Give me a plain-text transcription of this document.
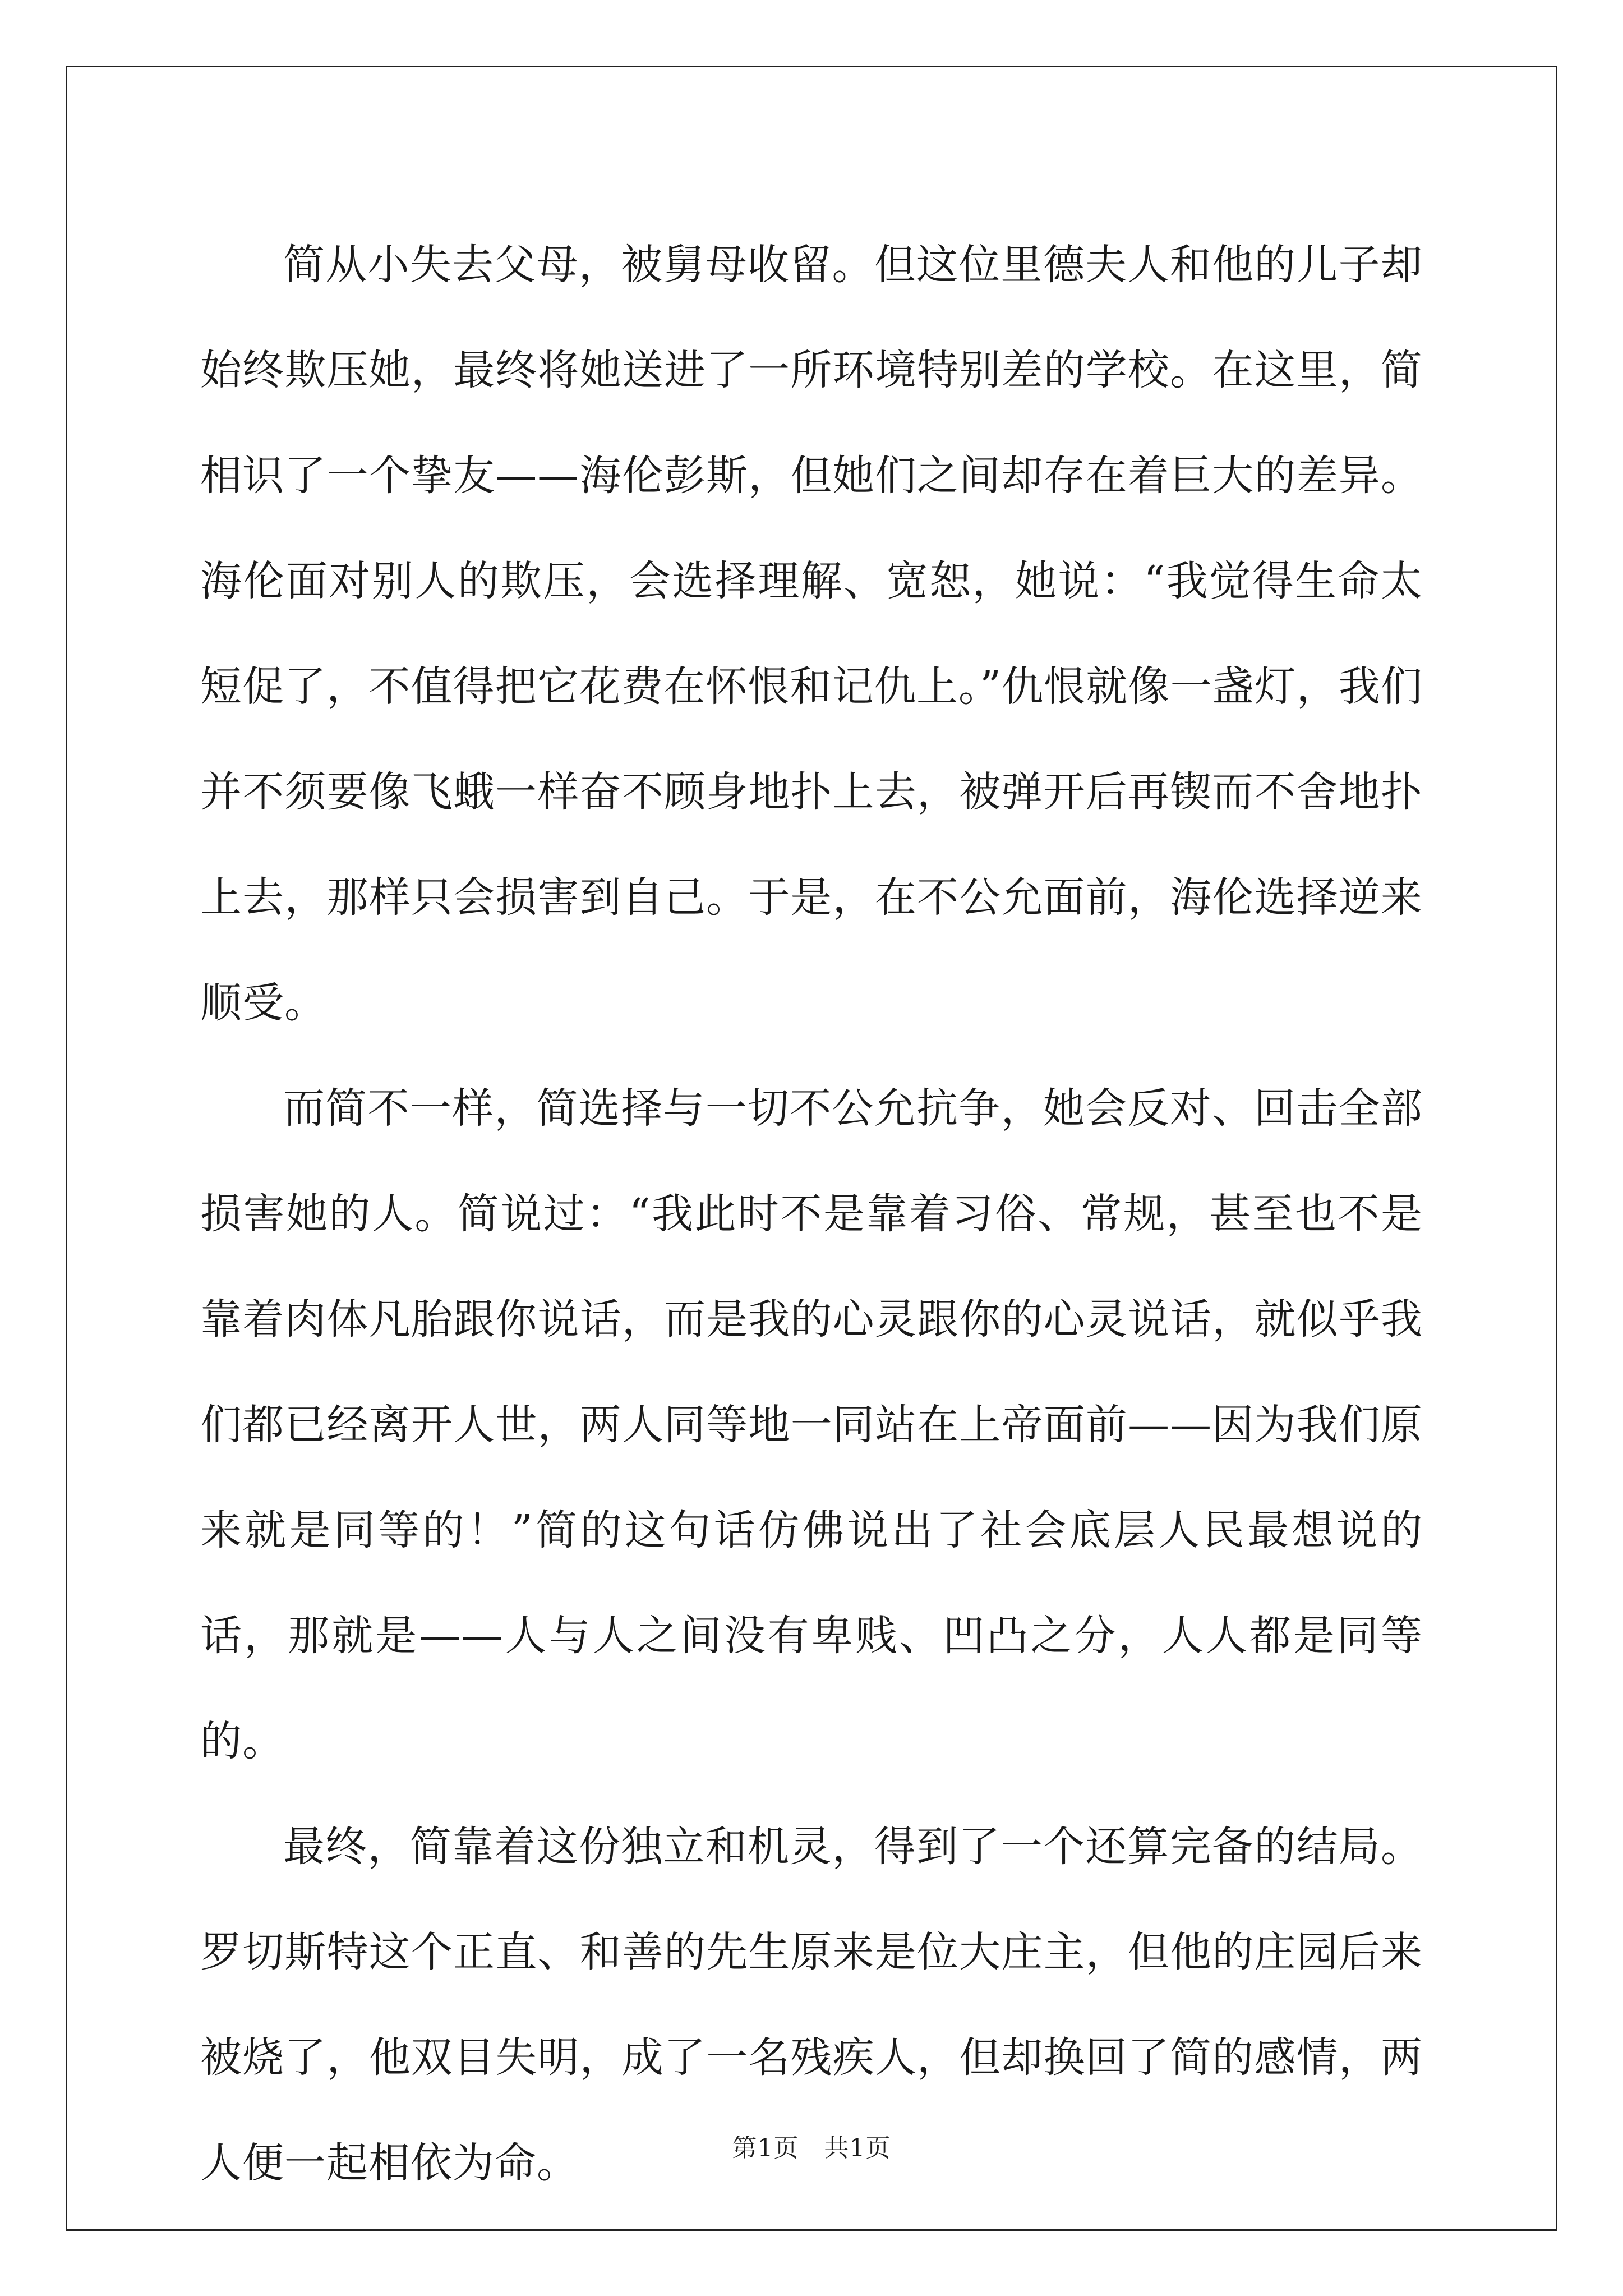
简从小失去父母，被舅母收留。但这位里德夫人和他的儿子却始终欺压她，最终将她送进了一所环境特别差的学校。在这里，简相识了一个挚友——海伦彭斯，但她们之间却存在着巨大的差异。海伦面对别人的欺压，会选择理解、宽恕，她说：“我觉得生命太短促了，不值得把它花费在怀恨和记仇上。”仇恨就像一盏灯，我们并不须要像飞蛾一样奋不顾身地扑上去，被弹开后再锲而不舍地扑上去，那样只会损害到自己。于是，在不公允面前，海伦选择逆来顺受。

而简不一样，简选择与一切不公允抗争，她会反对、回击全部损害她的人。简说过：“我此时不是靠着习俗、常规，甚至也不是靠着肉体凡胎跟你说话，而是我的心灵跟你的心灵说话，就似乎我们都已经离开人世，两人同等地一同站在上帝面前——因为我们原来就是同等的！”简的这句话仿佛说出了社会底层人民最想说的话，那就是——人与人之间没有卑贱、凹凸之分，人人都是同等的。

最终，简靠着这份独立和机灵，得到了一个还算完备的结局。罗切斯特这个正直、和善的先生原来是位大庄主，但他的庄园后来被烧了，他双目失明，成了一名残疾人，但却换回了简的感情，两人便一起相依为命。	第1页 共1页
